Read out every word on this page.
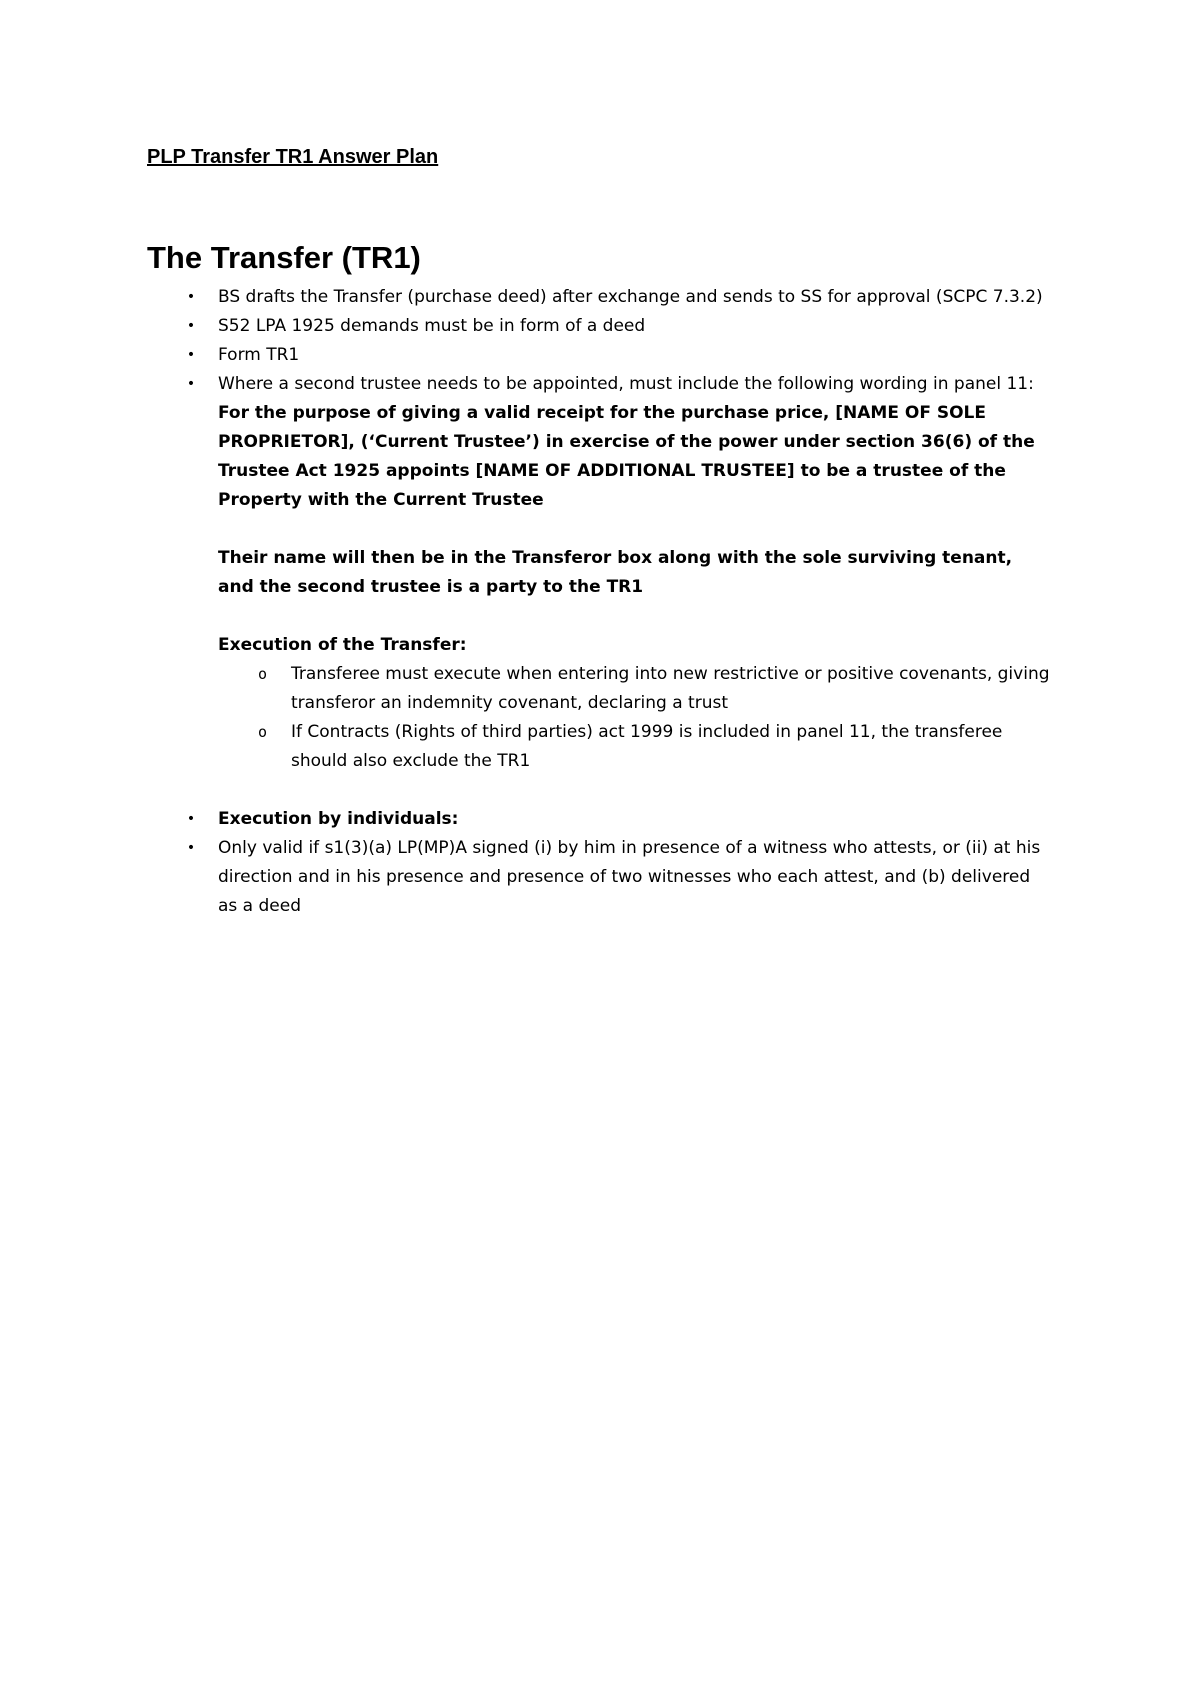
PLP Transfer TR1 Answer Plan
The Transfer (TR1)
• BS drafts the Transfer (purchase deed) after exchange and sends to SS for approval (SCPC 7.3.2)
• S52 LPA 1925 demands must be in form of a deed
• Form TR1
• Where a second trustee needs to be appointed, must include the following wording in panel 11:
For the purpose of giving a valid receipt for the purchase price, [NAME OF SOLE PROPRIETOR], (‘Current Trustee’) in exercise of the power under section 36(6) of the Trustee Act 1925 appoints [NAME OF ADDITIONAL TRUSTEE] to be a trustee of the Property with the Current Trustee
Their name will then be in the Transferor box along with the sole surviving tenant, and the second trustee is a party to the TR1
Execution of the Transfer:
o Transferee must execute when entering into new restrictive or positive covenants, giving transferor an indemnity covenant, declaring a trust
o If Contracts (Rights of third parties) act 1999 is included in panel 11, the transferee should also exclude the TR1
• Execution by individuals:
• Only valid if s1(3)(a) LP(MP)A signed (i) by him in presence of a witness who attests, or (ii) at his direction and in his presence and presence of two witnesses who each attest, and (b) delivered as a deed
